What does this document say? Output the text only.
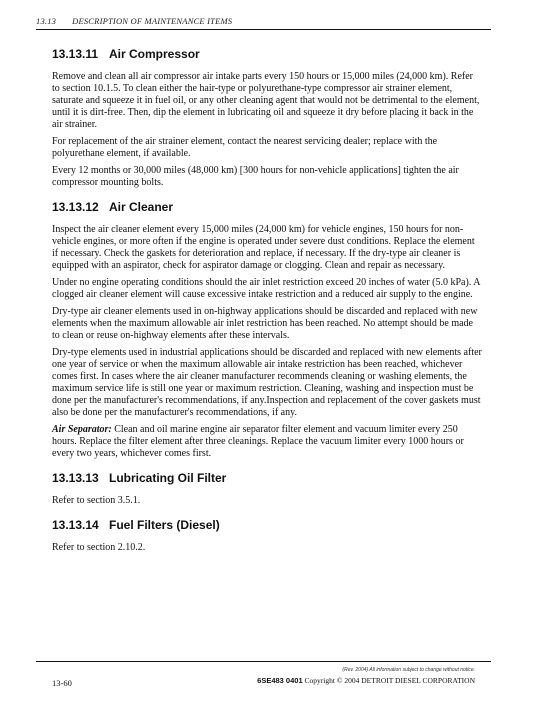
13.13 DESCRIPTION OF MAINTENANCE ITEMS
13.13.11 Air Compressor

Remove and clean all air compressor air intake parts every 150 hours or 15,000 miles (24,000 km). Refer to section 10.1.5. To clean either the hair-type or polyurethane-type compressor air strainer element, saturate and squeeze it in fuel oil, or any other cleaning agent that would not be detrimental to the element, until it is dirt-free. Then, dip the element in lubricating oil and squeeze it dry before placing it back in the air strainer.

For replacement of the air strainer element, contact the nearest servicing dealer; replace with the polyurethane element, if available.

Every 12 months or 30,000 miles (48,000 km) [300 hours for non-vehicle applications] tighten the air compressor mounting bolts.

13.13.12 Air Cleaner

Inspect the air cleaner element every 15,000 miles (24,000 km) for vehicle engines, 150 hours for non-vehicle engines, or more often if the engine is operated under severe dust conditions. Replace the element if necessary. Check the gaskets for deterioration and replace, if necessary. If the dry-type air cleaner is equipped with an aspirator, check for aspirator damage or clogging. Clean and repair as necessary.

Under no engine operating conditions should the air inlet restriction exceed 20 inches of water (5.0 kPa). A clogged air cleaner element will cause excessive intake restriction and a reduced air supply to the engine.

Dry-type air cleaner elements used in on-highway applications should be discarded and replaced with new elements when the maximum allowable air inlet restriction has been reached. No attempt should be made to clean or reuse on-highway elements after these intervals.

Dry-type elements used in industrial applications should be discarded and replaced with new elements after one year of service or when the maximum allowable air intake restriction has been reached, whichever comes first. In cases where the air cleaner manufacturer recommends cleaning or washing elements, the maximum service life is still one year or maximum restriction. Cleaning, washing and inspection must be done per the manufacturer's recommendations, if any.Inspection and replacement of the cover gaskets must also be done per the manufacturer's recommendations, if any.

Air Separator: Clean and oil marine engine air separator filter element and vacuum limiter every 250 hours. Replace the filter element after three cleanings. Replace the vacuum limiter every 1000 hours or every two years, whichever comes first.

13.13.13 Lubricating Oil Filter

Refer to section 3.5.1.

13.13.14 Fuel Filters (Diesel)

Refer to section 2.10.2.

13-60
(Rev. 2004) All information subject to change without notice.
6SE483 0401 Copyright © 2004 DETROIT DIESEL CORPORATION
